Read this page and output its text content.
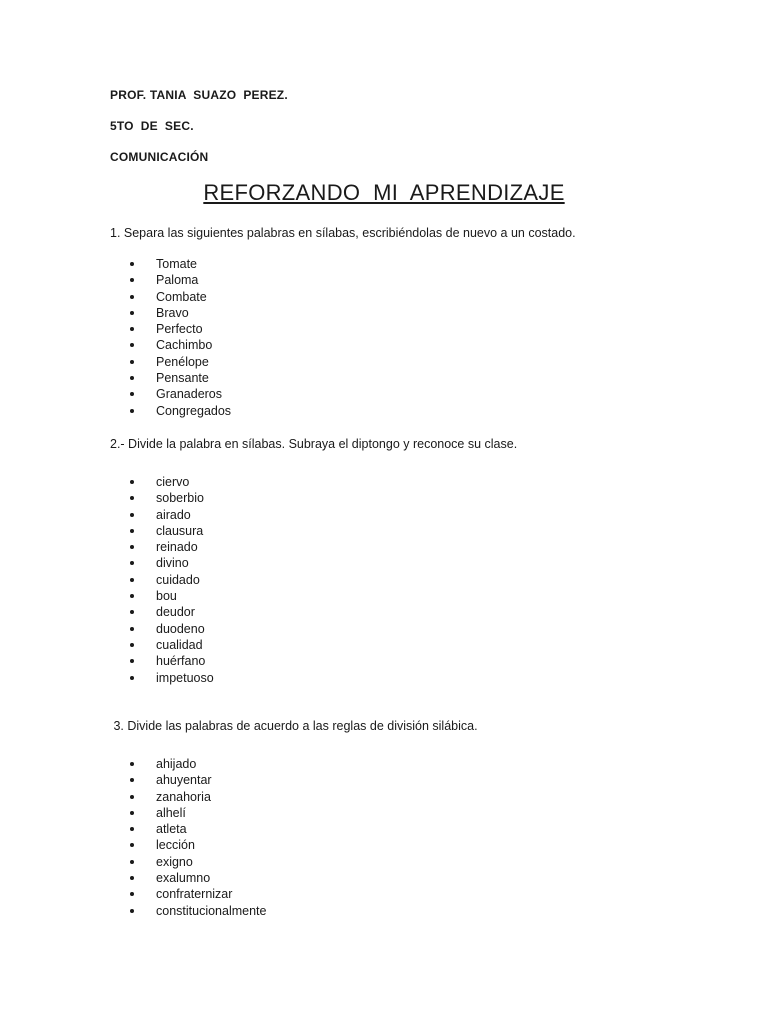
PROF. TANIA  SUAZO  PEREZ.
5TO  DE  SEC.
COMUNICACIÓN
REFORZANDO  MI  APRENDIZAJE
1. Separa las siguientes palabras en sílabas, escribiéndolas de nuevo a un costado.
Tomate
Paloma
Combate
Bravo
Perfecto
Cachimbo
Penélope
Pensante
Granaderos
Congregados
2.- Divide la palabra en sílabas. Subraya el diptongo y reconoce su clase.
ciervo
soberbio
airado
clausura
reinado
divino
cuidado
bou
deudor
duodeno
cualidad
huérfano
impetuoso
3. Divide las palabras de acuerdo a las reglas de división silábica.
ahijado
ahuyentar
zanahoria
alhelí
atleta
lección
exigno
exalumno
confraternizar
constitucionalmente
